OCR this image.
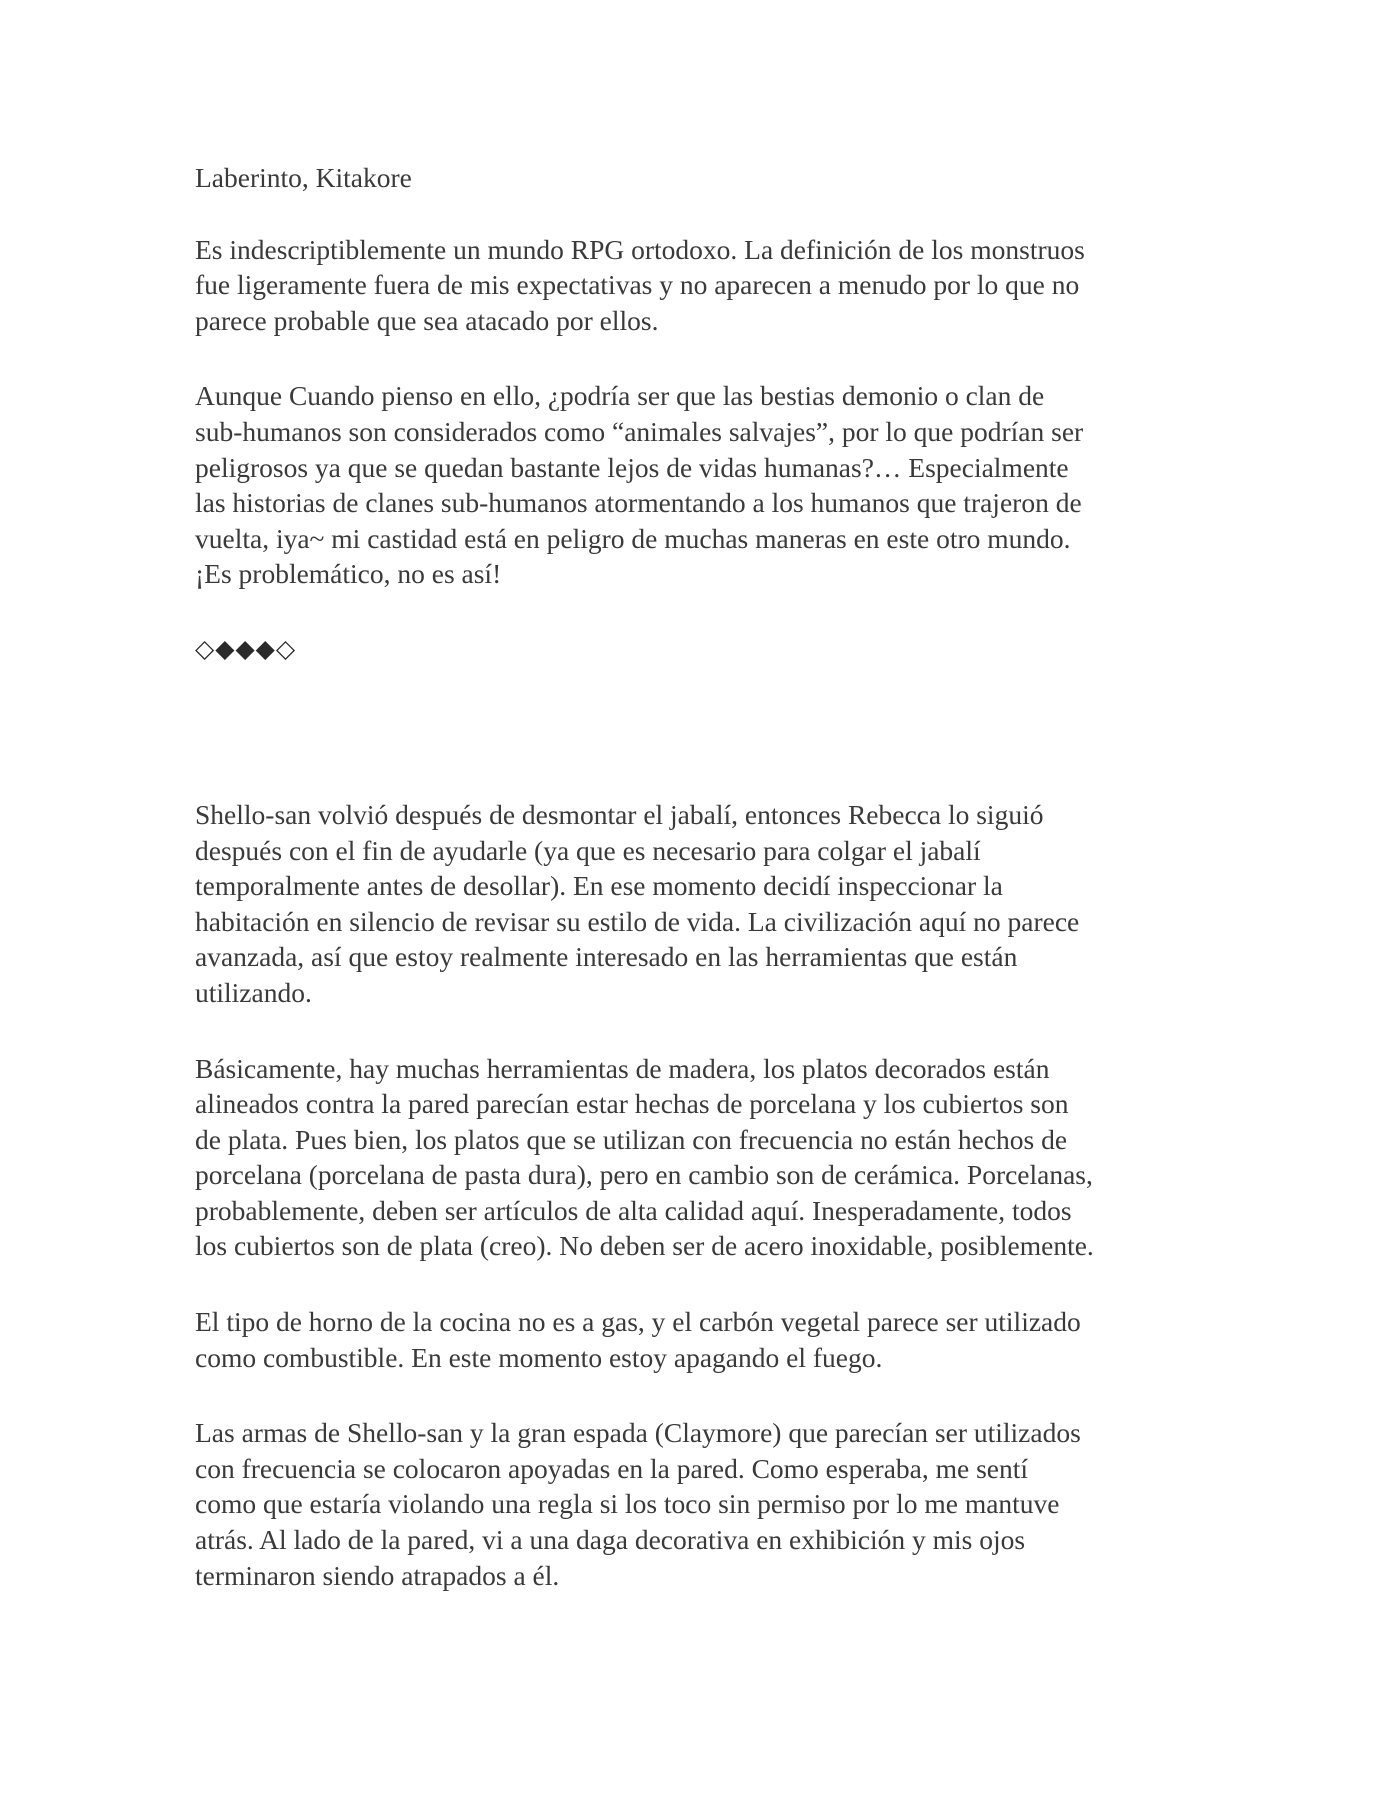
Laberinto, Kitakore

Es indescriptiblemente un mundo RPG ortodoxo. La definición de los monstruos

fue ligeramente fuera de mis expectativas y no aparecen a menudo por lo que no

parece probable que sea atacado por ellos.

Aunque Cuando pienso en ello, ¿podría ser que las bestias demonio o clan de

sub-humanos son considerados como “animales salvajes”, por lo que podrían ser

peligrosos ya que se quedan bastante lejos de vidas humanas?… Especialmente

las historias de clanes sub-humanos atormentando a los humanos que trajeron de

vuelta, iya~ mi castidad está en peligro de muchas maneras en este otro mundo.

¡Es problemático, no es así!

◇◆◆◆◇

Shello-san volvió después de desmontar el jabalí, entonces Rebecca lo siguió

después con el fin de ayudarle (ya que es necesario para colgar el jabalí

temporalmente antes de desollar). En ese momento decidí inspeccionar la

habitación en silencio de revisar su estilo de vida. La civilización aquí no parece

avanzada, así que estoy realmente interesado en las herramientas que están

utilizando.

Básicamente, hay muchas herramientas de madera, los platos decorados están

alineados contra la pared parecían estar hechas de porcelana y los cubiertos son

de plata. Pues bien, los platos que se utilizan con frecuencia no están hechos de

porcelana (porcelana de pasta dura), pero en cambio son de cerámica. Porcelanas,

probablemente, deben ser artículos de alta calidad aquí. Inesperadamente, todos

los cubiertos son de plata (creo). No deben ser de acero inoxidable, posiblemente.

El tipo de horno de la cocina no es a gas, y el carbón vegetal parece ser utilizado

como combustible. En este momento estoy apagando el fuego.

Las armas de Shello-san y la gran espada (Claymore) que parecían ser utilizados

con frecuencia se colocaron apoyadas en la pared. Como esperaba, me sentí

como que estaría violando una regla si los toco sin permiso por lo me mantuve

atrás. Al lado de la pared, vi a una daga decorativa en exhibición y mis ojos

terminaron siendo atrapados a él.
